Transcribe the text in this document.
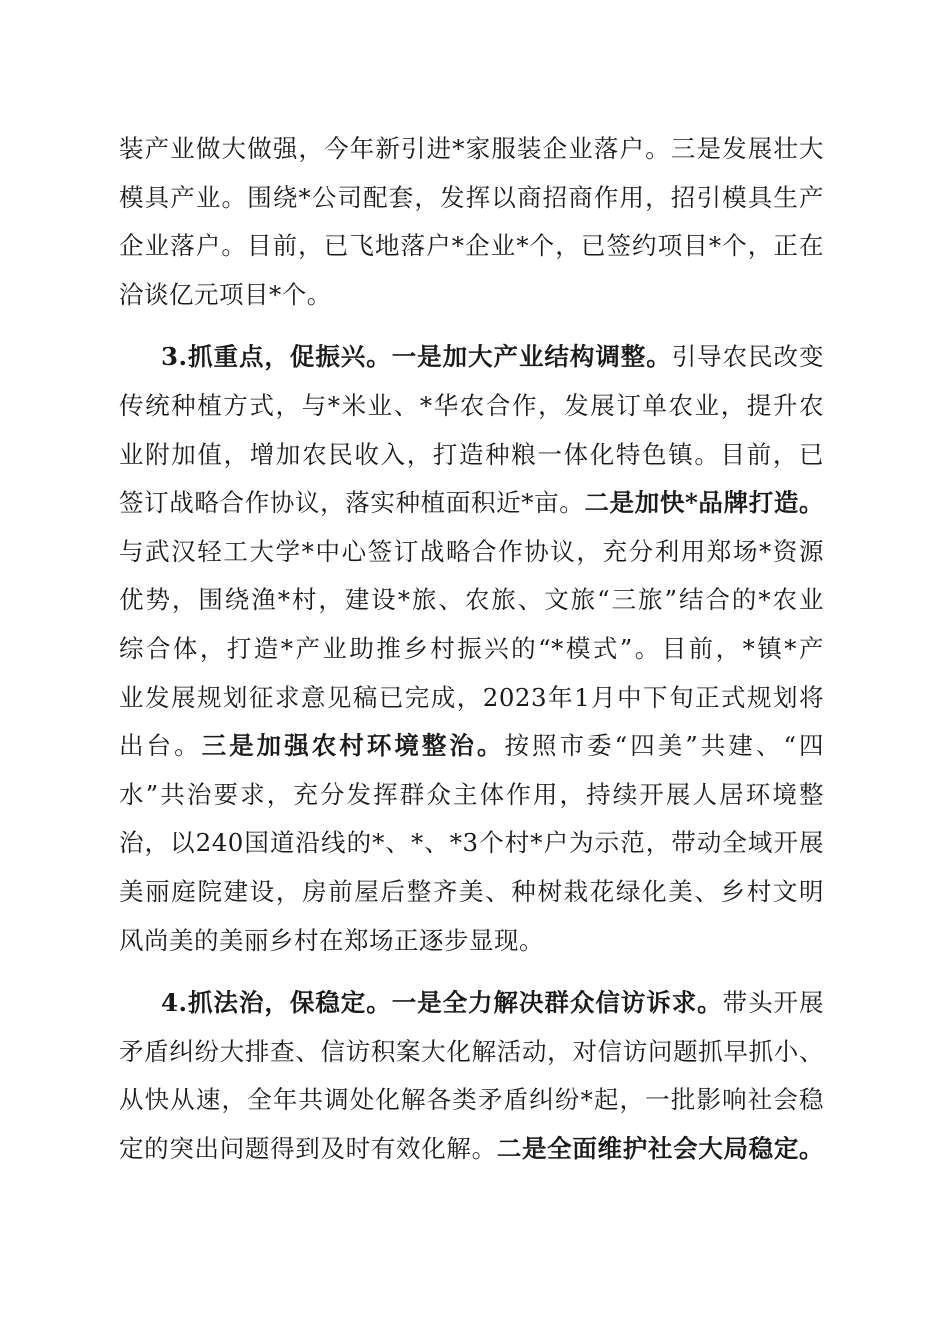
装产业做大做强，今年新引进*家服装企业落户。三是发展壮大
模具产业。围绕*公司配套，发挥以商招商作用，招引模具生产
企业落户。目前，已飞地落户*企业*个，已签约项目*个，正在
洽谈亿元项目*个。
3.抓重点，促振兴。一是加大产业结构调整。引导农民改变
传统种植方式，与*米业、*华农合作，发展订单农业，提升农
业附加值，增加农民收入，打造种粮一体化特色镇。目前，已
签订战略合作协议，落实种植面积近*亩。二是加快*品牌打造。
与武汉轻工大学*中心签订战略合作协议，充分利用郑场*资源
优势，围绕渔*村，建设*旅、农旅、文旅“三旅”结合的*农业
综合体，打造*产业助推乡村振兴的“*模式”。目前，*镇*产
业发展规划征求意见稿已完成，2023年1月中下旬正式规划将
出台。三是加强农村环境整治。按照市委“四美”共建、“四
水”共治要求，充分发挥群众主体作用，持续开展人居环境整
治，以240国道沿线的*、*、*3个村*户为示范，带动全域开展
美丽庭院建设，房前屋后整齐美、种树栽花绿化美、乡村文明
风尚美的美丽乡村在郑场正逐步显现。
4.抓法治，保稳定。一是全力解决群众信访诉求。带头开展
矛盾纠纷大排查、信访积案大化解活动，对信访问题抓早抓小、
从快从速，全年共调处化解各类矛盾纠纷*起，一批影响社会稳
定的突出问题得到及时有效化解。二是全面维护社会大局稳定。
